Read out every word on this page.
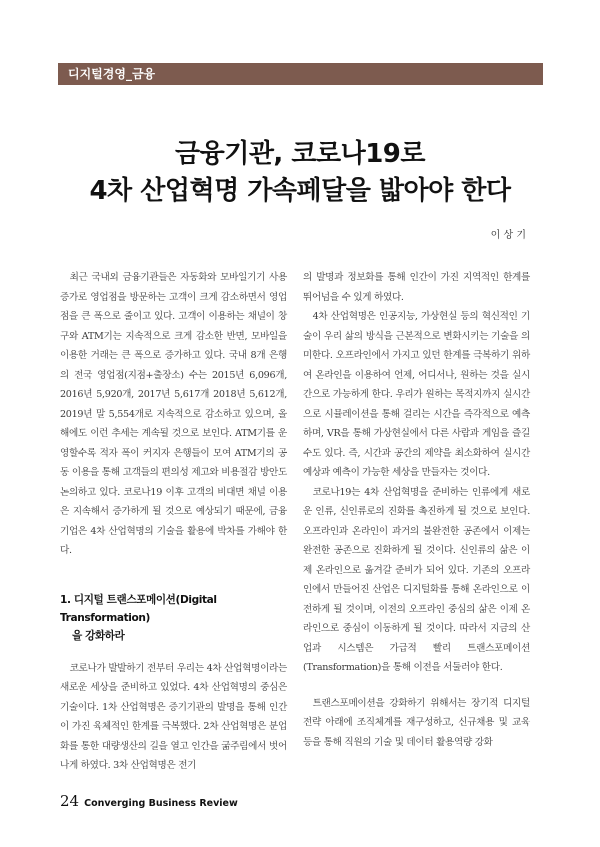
디지털경영_금융
금융기관, 코로나19로
4차 산업혁명 가속페달을 밟아야 한다
이 상 기

최근 국내외 금융기관들은 자동화와 모바일기기 사용 증가로 영업점을 방문하는 고객이 크게 감소하면서 영업점을 큰 폭으로 줄이고 있다. 고객이 이용하는 채널이 창구와 ATM기는 지속적으로 크게 감소한 반면, 모바일을 이용한 거래는 큰 폭으로 증가하고 있다. 국내 8개 은행의 전국 영업점(지점+출장소) 수는 2015년 6,096개, 2016년 5,920개, 2017년 5,617개 2018년 5,612개, 2019년 말 5,554개로 지속적으로 감소하고 있으며, 올해에도 이런 추세는 계속될 것으로 보인다. ATM기를 운영할수록 적자 폭이 커지자 은행들이 모여 ATM기의 공동 이용을 통해 고객들의 편의성 제고와 비용절감 방안도 논의하고 있다. 코로나19 이후 고객의 비대면 채널 이용은 지속해서 증가하게 될 것으로 예상되기 때문에, 금융기업은 4차 산업혁명의 기술을 활용에 박차를 가해야 한다.

1. 디지털 트랜스포메이션(Digital Transformation)
을 강화하라

코로나가 발발하기 전부터 우리는 4차 산업혁명이라는 새로운 세상을 준비하고 있었다. 4차 산업혁명의 중심은 기술이다. 1차 산업혁명은 증기기관의 발명을 통해 인간이 가진 육체적인 한계를 극복했다. 2차 산업혁명은 분업화를 통한 대량생산의 길을 열고 인간을 굶주림에서 벗어나게 하였다. 3차 산업혁명은 전기

의 발명과 정보화를 통해 인간이 가진 지역적인 한계를 뛰어넘을 수 있게 하였다.

4차 산업혁명은 인공지능, 가상현실 등의 혁신적인 기술이 우리 삶의 방식을 근본적으로 변화시키는 기술을 의미한다. 오프라인에서 가지고 있던 한계를 극복하기 위하여 온라인을 이용하여 언제, 어디서나, 원하는 것을 실시간으로 가능하게 한다. 우리가 원하는 목적지까지 실시간으로 시뮬레이션을 통해 걸리는 시간을 즉각적으로 예측하며, VR을 통해 가상현실에서 다른 사람과 게임을 즐길 수도 있다. 즉, 시간과 공간의 제약을 최소화하여 실시간 예상과 예측이 가능한 세상을 만들자는 것이다.

코로나19는 4차 산업혁명을 준비하는 인류에게 새로운 인류, 신인류로의 진화를 촉진하게 될 것으로 보인다. 오프라인과 온라인이 과거의 불완전한 공존에서 이제는 완전한 공존으로 진화하게 될 것이다. 신인류의 삶은 이제 온라인으로 옮겨갈 준비가 되어 있다. 기존의 오프라인에서 만들어진 산업은 디지털화를 통해 온라인으로 이전하게 될 것이며, 이전의 오프라인 중심의 삶은 이제 온라인으로 중심이 이동하게 될 것이다. 따라서 지금의 산업과 시스템은 가급적 빨리 트랜스포메이션(Transformation)을 통해 이전을 서둘러야 한다.

트랜스포메이션을 강화하기 위해서는 장기적 디지털 전략 아래에 조직체계를 재구성하고, 신규채용 및 교육 등을 통해 직원의 기술 및 데이터 활용역량 강화

24 Converging Business Review
